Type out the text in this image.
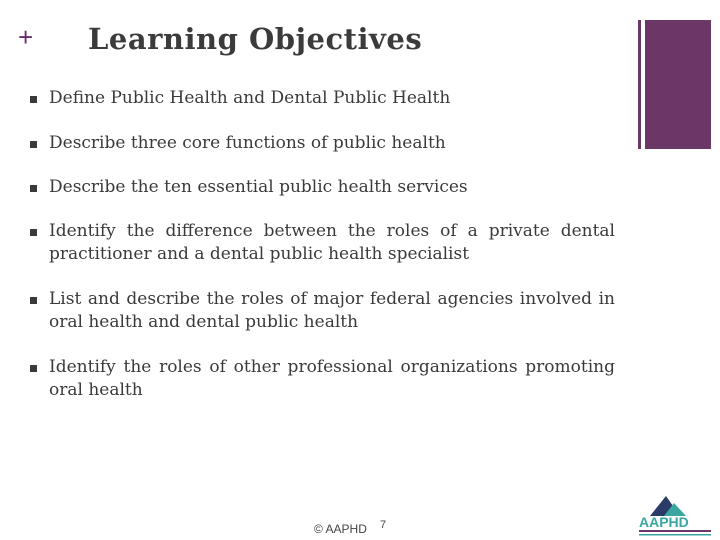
+ Learning Objectives
Define Public Health and Dental Public Health
Describe three core functions of public health
Describe the ten essential public health services
Identify the difference between the roles of a private dental practitioner and a dental public health specialist
List and describe the roles of major federal agencies involved in oral health and dental public health
Identify the roles of other professional organizations promoting oral health
© AAPHD 7	AAPHD
